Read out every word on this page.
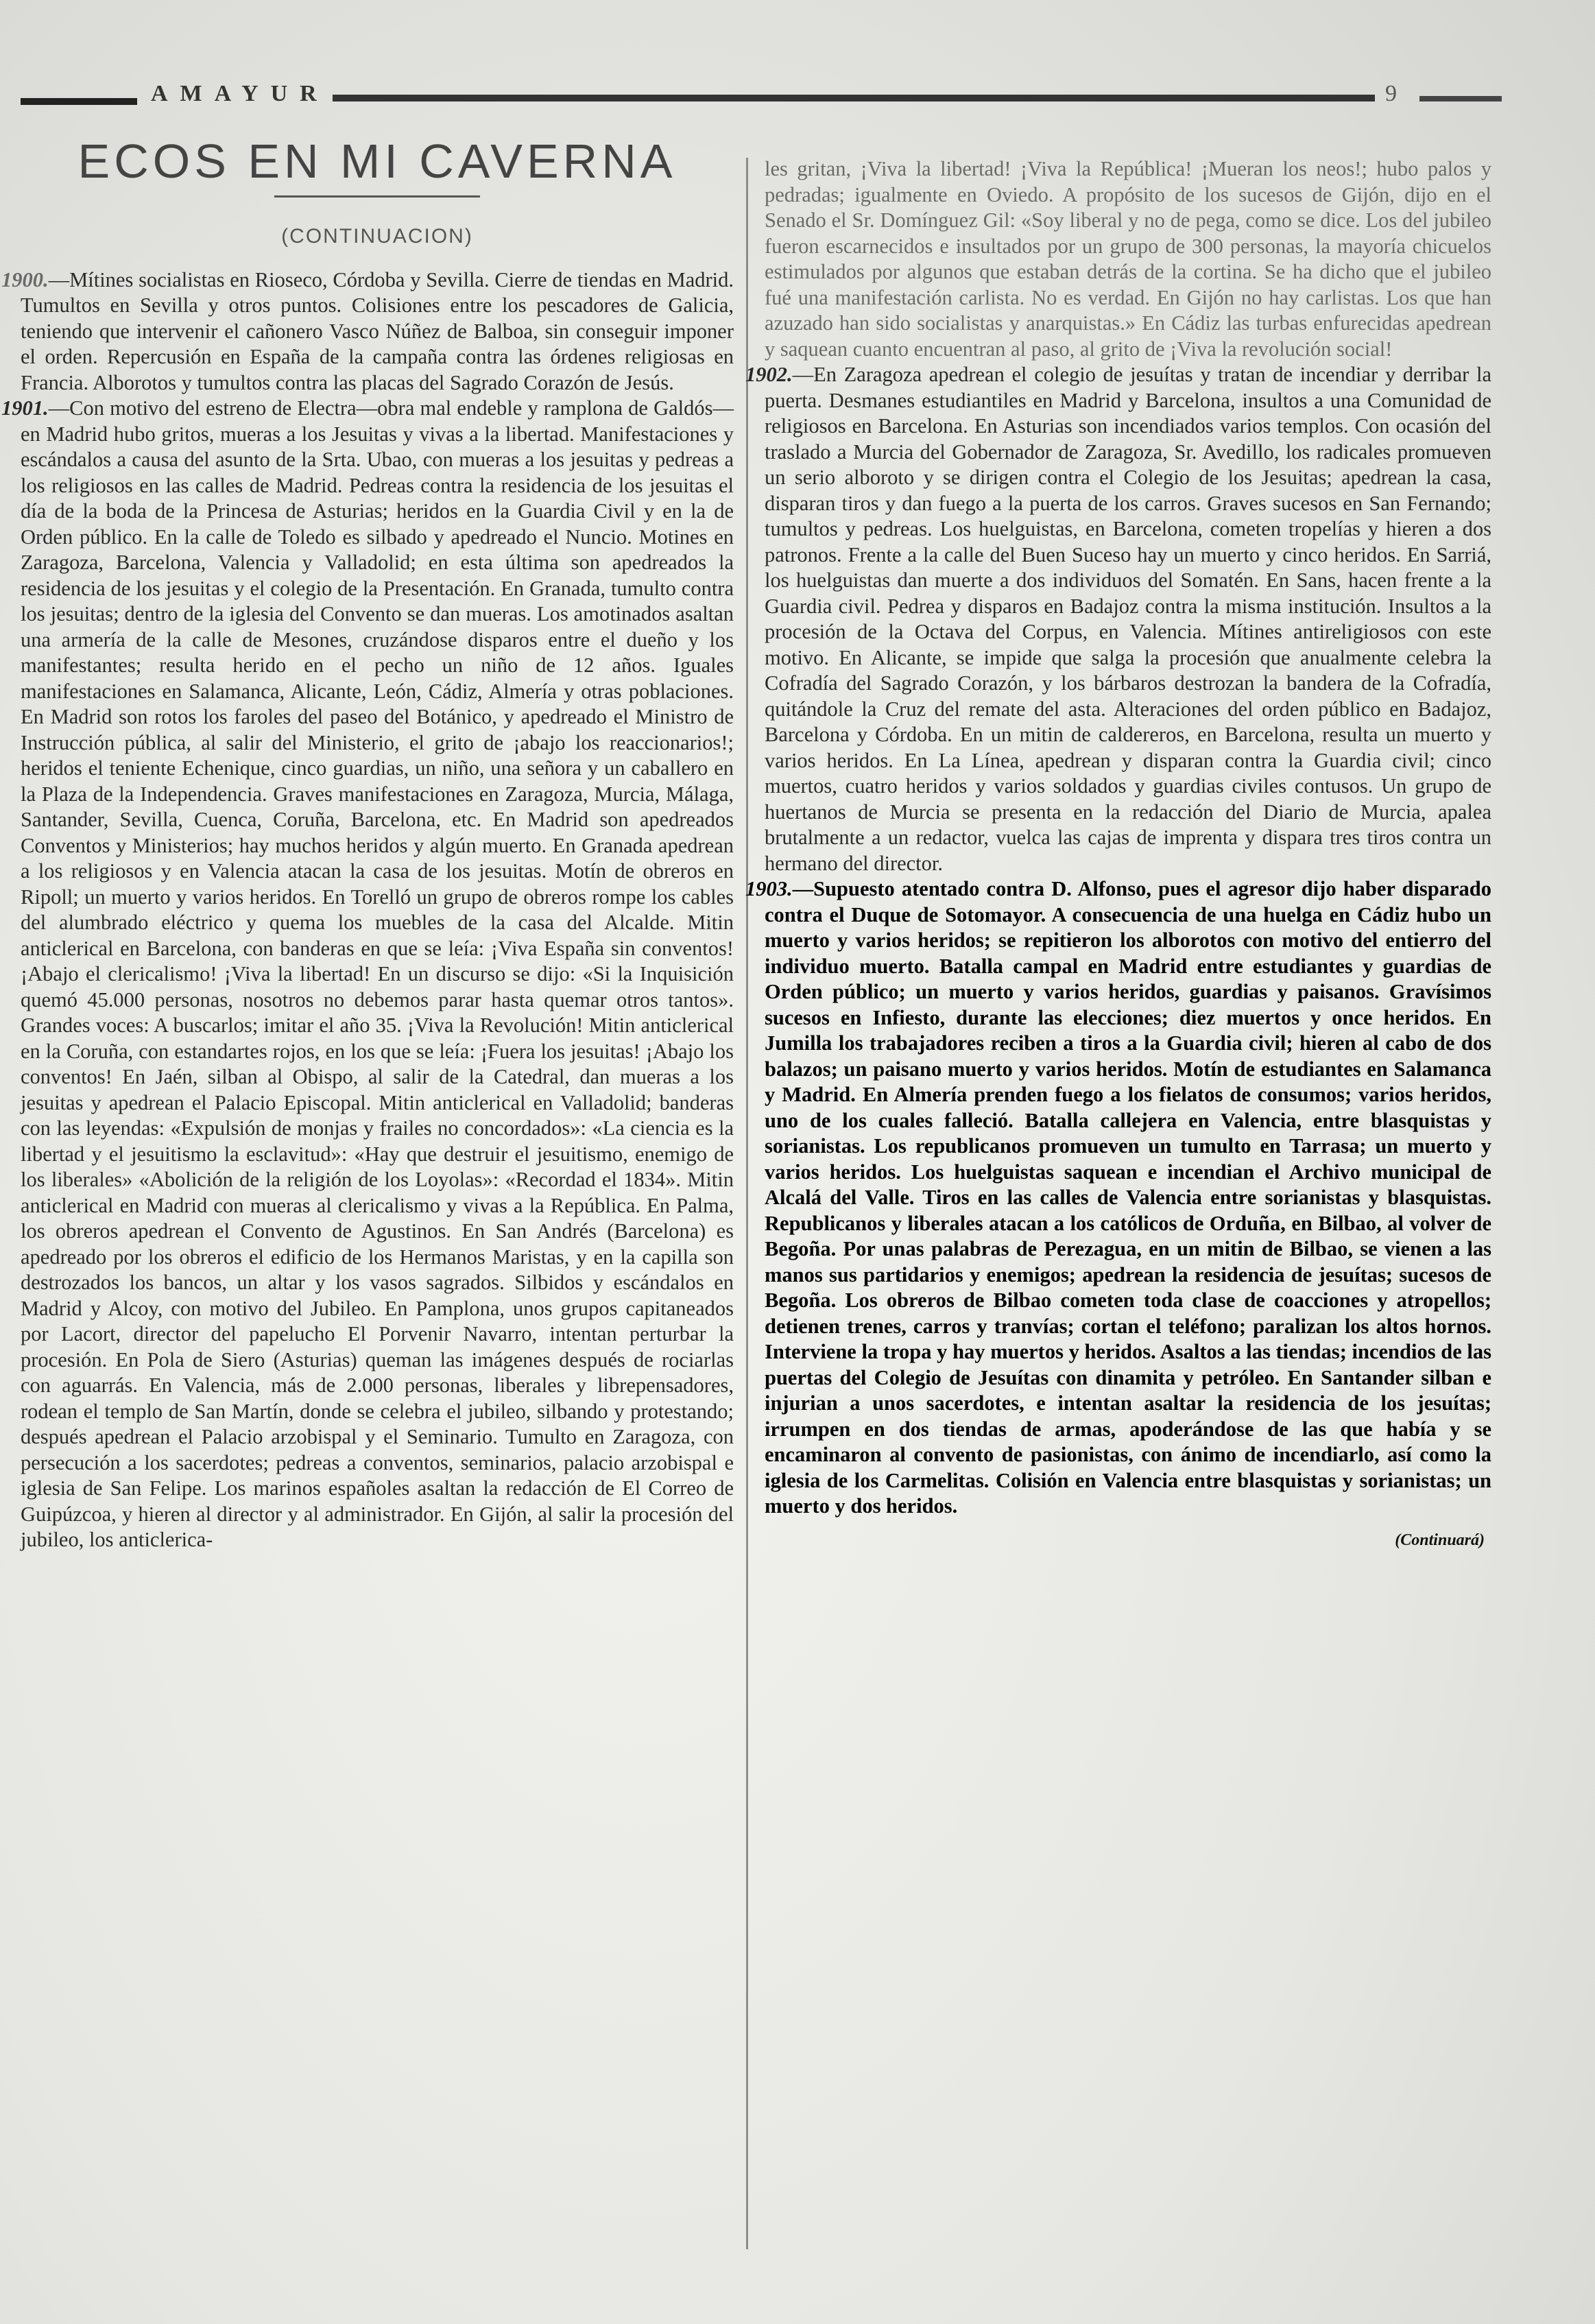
AMAYUR	9
ECOS EN MI CAVERNA
(CONTINUACION)

1900.—Mítines socialistas en Rioseco, Córdoba y Sevilla. Cierre de tiendas en Madrid. Tumultos en Sevilla y otros puntos. Colisiones entre los pescadores de Galicia, teniendo que intervenir el cañonero Vasco Núñez de Balboa, sin conseguir imponer el orden. Repercusión en España de la campaña contra las órdenes religiosas en Francia. Alborotos y tumultos contra las placas del Sagrado Corazón de Jesús.

1901.—Con motivo del estreno de Electra—obra mal endeble y ramplona de Galdós—en Madrid hubo gritos, mueras a los Jesuitas y vivas a la libertad. Manifestaciones y escándalos a causa del asunto de la Srta. Ubao, con mueras a los jesuitas y pedreas a los religiosos en las calles de Madrid. Pedreas contra la residencia de los jesuitas el día de la boda de la Princesa de Asturias; heridos en la Guardia Civil y en la de Orden público. En la calle de Toledo es silbado y apedreado el Nuncio. Motines en Zaragoza, Barcelona, Valencia y Valladolid; en esta última son apedreados la residencia de los jesuitas y el colegio de la Presentación. En Granada, tumulto contra los jesuitas; dentro de la iglesia del Convento se dan mueras. Los amotinados asaltan una armería de la calle de Mesones, cruzándose disparos entre el dueño y los manifestantes; resulta herido en el pecho un niño de 12 años. Iguales manifestaciones en Salamanca, Alicante, León, Cádiz, Almería y otras poblaciones. En Madrid son rotos los faroles del paseo del Botánico, y apedreado el Ministro de Instrucción pública, al salir del Ministerio, el grito de ¡abajo los reaccionarios!; heridos el teniente Echenique, cinco guardias, un niño, una señora y un caballero en la Plaza de la Independencia. Graves manifestaciones en Zaragoza, Murcia, Málaga, Santander, Sevilla, Cuenca, Coruña, Barcelona, etc. En Madrid son apedreados Conventos y Ministerios; hay muchos heridos y algún muerto. En Granada apedrean a los religiosos y en Valencia atacan la casa de los jesuitas. Motín de obreros en Ripoll; un muerto y varios heridos. En Torelló un grupo de obreros rompe los cables del alumbrado eléctrico y quema los muebles de la casa del Alcalde. Mitin anticlerical en Barcelona, con banderas en que se leía: ¡Viva España sin conventos! ¡Abajo el clericalismo! ¡Viva la libertad! En un discurso se dijo: «Si la Inquisición quemó 45.000 personas, nosotros no debemos parar hasta quemar otros tantos». Grandes voces: A buscarlos; imitar el año 35. ¡Viva la Revolución! Mitin anticlerical en la Coruña, con estandartes rojos, en los que se leía: ¡Fuera los jesuitas! ¡Abajo los conventos! En Jaén, silban al Obispo, al salir de la Catedral, dan mueras a los jesuitas y apedrean el Palacio Episcopal. Mitin anticlerical en Valladolid; banderas con las leyendas: «Expulsión de monjas y frailes no concordados»: «La ciencia es la libertad y el jesuitismo la esclavitud»: «Hay que destruir el jesuitismo, enemigo de los liberales» «Abolición de la religión de los Loyolas»: «Recordad el 1834». Mitin anticlerical en Madrid con mueras al clericalismo y vivas a la República. En Palma, los obreros apedrean el Convento de Agustinos. En San Andrés (Barcelona) es apedreado por los obreros el edificio de los Hermanos Maristas, y en la capilla son destrozados los bancos, un altar y los vasos sagrados. Silbidos y escándalos en Madrid y Alcoy, con motivo del Jubileo. En Pamplona, unos grupos capitaneados por Lacort, director del papelucho El Porvenir Navarro, intentan perturbar la procesión. En Pola de Siero (Asturias) queman las imágenes después de rociarlas con aguarrás. En Valencia, más de 2.000 personas, liberales y librepensadores, rodean el templo de San Martín, donde se celebra el jubileo, silbando y protestando; después apedrean el Palacio arzobispal y el Seminario. Tumulto en Zaragoza, con persecución a los sacerdotes; pedreas a conventos, seminarios, palacio arzobispal e iglesia de San Felipe. Los marinos españoles asaltan la redacción de El Correo de Guipúzcoa, y hieren al director y al administrador. En Gijón, al salir la procesión del jubileo, los anticlerica-

les gritan, ¡Viva la libertad! ¡Viva la República! ¡Mueran los neos!; hubo palos y pedradas; igualmente en Oviedo. A propósito de los sucesos de Gijón, dijo en el Senado el Sr. Domínguez Gil: «Soy liberal y no de pega, como se dice. Los del jubileo fueron escarnecidos e insultados por un grupo de 300 personas, la mayoría chicuelos estimulados por algunos que estaban detrás de la cortina. Se ha dicho que el jubileo fué una manifestación carlista. No es verdad. En Gijón no hay carlistas. Los que han azuzado han sido socialistas y anarquistas.» En Cádiz las turbas enfurecidas apedrean y saquean cuanto encuentran al paso, al grito de ¡Viva la revolución social!

1902.—En Zaragoza apedrean el colegio de jesuítas y tratan de incendiar y derribar la puerta. Desmanes estudiantiles en Madrid y Barcelona, insultos a una Comunidad de religiosos en Barcelona. En Asturias son incendiados varios templos. Con ocasión del traslado a Murcia del Gobernador de Zaragoza, Sr. Avedillo, los radicales promueven un serio alboroto y se dirigen contra el Colegio de los Jesuitas; apedrean la casa, disparan tiros y dan fuego a la puerta de los carros. Graves sucesos en San Fernando; tumultos y pedreas. Los huelguistas, en Barcelona, cometen tropelías y hieren a dos patronos. Frente a la calle del Buen Suceso hay un muerto y cinco heridos. En Sarriá, los huelguistas dan muerte a dos individuos del Somatén. En Sans, hacen frente a la Guardia civil. Pedrea y disparos en Badajoz contra la misma institución. Insultos a la procesión de la Octava del Corpus, en Valencia. Mítines antireligiosos con este motivo. En Alicante, se impide que salga la procesión que anualmente celebra la Cofradía del Sagrado Corazón, y los bárbaros destrozan la bandera de la Cofradía, quitándole la Cruz del remate del asta. Alteraciones del orden público en Badajoz, Barcelona y Córdoba. En un mitin de caldereros, en Barcelona, resulta un muerto y varios heridos. En La Línea, apedrean y disparan contra la Guardia civil; cinco muertos, cuatro heridos y varios soldados y guardias civiles contusos. Un grupo de huertanos de Murcia se presenta en la redacción del Diario de Murcia, apalea brutalmente a un redactor, vuelca las cajas de imprenta y dispara tres tiros contra un hermano del director.

1903.—Supuesto atentado contra D. Alfonso, pues el agresor dijo haber disparado contra el Duque de Sotomayor. A consecuencia de una huelga en Cádiz hubo un muerto y varios heridos; se repitieron los alborotos con motivo del entierro del individuo muerto. Batalla campal en Madrid entre estudiantes y guardias de Orden público; un muerto y varios heridos, guardias y paisanos. Gravísimos sucesos en Infiesto, durante las elecciones; diez muertos y once heridos. En Jumilla los trabajadores reciben a tiros a la Guardia civil; hieren al cabo de dos balazos; un paisano muerto y varios heridos. Motín de estudiantes en Salamanca y Madrid. En Almería prenden fuego a los fielatos de consumos; varios heridos, uno de los cuales falleció. Batalla callejera en Valencia, entre blasquistas y sorianistas. Los republicanos promueven un tumulto en Tarrasa; un muerto y varios heridos. Los huelguistas saquean e incendian el Archivo municipal de Alcalá del Valle. Tiros en las calles de Valencia entre sorianistas y blasquistas. Republicanos y liberales atacan a los católicos de Orduña, en Bilbao, al volver de Begoña. Por unas palabras de Perezagua, en un mitin de Bilbao, se vienen a las manos sus partidarios y enemigos; apedrean la residencia de jesuítas; sucesos de Begoña. Los obreros de Bilbao cometen toda clase de coacciones y atropellos; detienen trenes, carros y tranvías; cortan el teléfono; paralizan los altos hornos. Interviene la tropa y hay muertos y heridos. Asaltos a las tiendas; incendios de las puertas del Colegio de Jesuítas con dinamita y petróleo. En Santander silban e injurian a unos sacerdotes, e intentan asaltar la residencia de los jesuítas; irrumpen en dos tiendas de armas, apoderándose de las que había y se encaminaron al convento de pasionistas, con ánimo de incendiarlo, así como la iglesia de los Carmelitas. Colisión en Valencia entre blasquistas y sorianistas; un muerto y dos heridos.

(Continuará)
